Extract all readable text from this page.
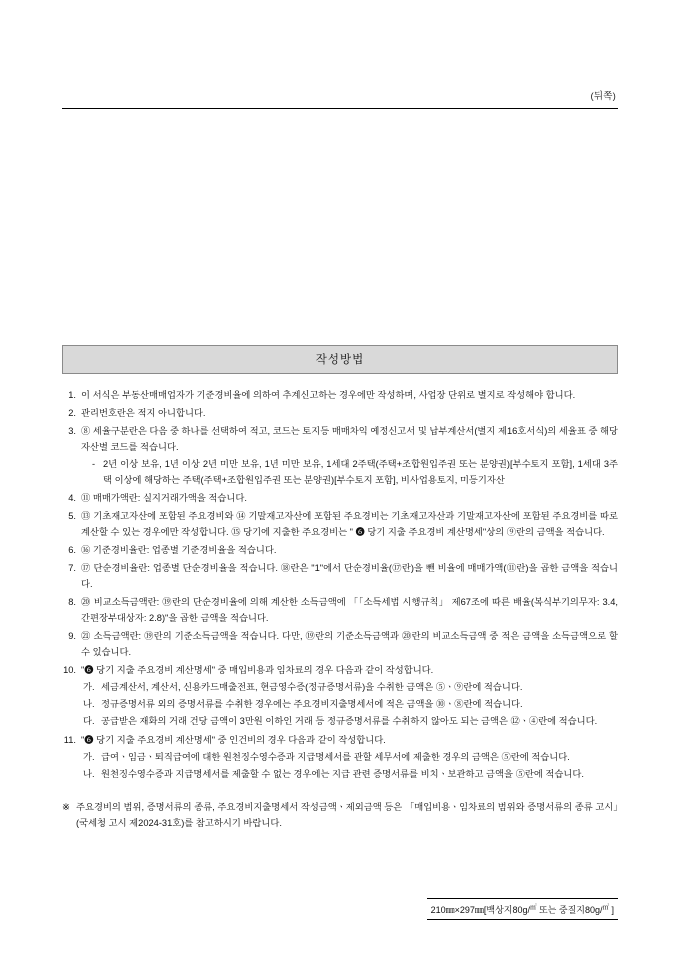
(뒤쪽)
작성방법
1. 이 서식은 부동산매매업자가 기준경비율에 의하여 추계신고하는 경우에만 작성하며, 사업장 단위로 별지로 작성해야 합니다.
2. 관리번호란은 적지 아니합니다.
3. ⑧ 세율구분란은 다음 중 하나를 선택하여 적고, 코드는 토지등 매매차익 예정신고서 및 납부계산서(별지 제16호서식)의 세율표 중 해당 자산별 코드를 적습니다.
- 2년 이상 보유, 1년 이상 2년 미만 보유, 1년 미만 보유, 1세대 2주택(주택+조합원입주권 또는 분양권)[부수토지 포함], 1세대 3주택 이상에 해당하는 주택(주택+조합원입주권 또는 분양권)[부수토지 포함], 비사업용토지, 미등기자산
4. ⑪ 매매가액란: 실지거래가액을 적습니다.
5. ⑬ 기초재고자산에 포함된 주요경비와 ⑭ 기말재고자산에 포함된 주요경비는 기초재고자산과 기말재고자산에 포함된 주요경비를 따로 계산할 수 있는 경우에만 작성합니다. ⑮ 당기에 지출한 주요경비는 " ❻ 당기 지출 주요경비 계산명세"상의 ⑨란의 금액을 적습니다.
6. ⑯ 기준경비율란: 업종별 기준경비율을 적습니다.
7. ⑰ 단순경비율란: 업종별 단순경비율을 적습니다. ⑱란은 "1"에서 단순경비율(⑰란)을 뺀 비율에 매매가액(⑪란)을 곱한 금액을 적습니다.
8. ⑳ 비교소득금액란: ⑲란의 단순경비율에 의해 계산한 소득금액에 「「소득세법 시행규칙」 제67조에 따른 배율(복식부기의무자: 3.4, 간편장부대상자: 2.8)"을 곱한 금액을 적습니다.
9. ㉑ 소득금액란: ⑲란의 기준소득금액을 적습니다. 다만, ⑲란의 기준소득금액과 ⑳란의 비교소득금액 중 적은 금액을 소득금액으로 할 수 있습니다.
10. "❻ 당기 지출 주요경비 계산명세" 중 매입비용과 임차료의 경우 다음과 같이 작성합니다.
가. 세금계산서, 계산서, 신용카드매출전표, 현금영수증(정규증명서류)을 수취한 금액은 ⑤ㆍ⑨란에 적습니다.
나. 정규증명서류 외의 증명서류를 수취한 경우에는 주요경비지출명세서에 적은 금액을 ⑩ㆍ⑧란에 적습니다.
다. 공급받은 재화의 거래 건당 금액이 3만원 이하인 거래 등 정규증명서류를 수취하지 않아도 되는 금액은 ⑫ㆍ④란에 적습니다.
11. "❻ 당기 지출 주요경비 계산명세" 중 인건비의 경우 다음과 같이 작성합니다.
가. 급여ㆍ임금ㆍ퇴직급여에 대한 원천징수영수증과 지급명세서를 관할 세무서에 제출한 경우의 금액은 ⑤란에 적습니다.
나. 원천징수영수증과 지급명세서를 제출할 수 없는 경우에는 지급 관련 증명서류를 비치ㆍ보관하고 금액을 ⑤란에 적습니다.
※ 주요경비의 범위, 증명서류의 종류, 주요경비지출명세서 작성금액ㆍ제외금액 등은 「매입비용ㆍ임차료의 범위와 증명서류의 종류 고시」(국세청 고시 제2024-31호)를 참고하시기 바랍니다.
210㎜×297㎜[백상지80g/㎡ 또는 중질지80g/㎡ ]
